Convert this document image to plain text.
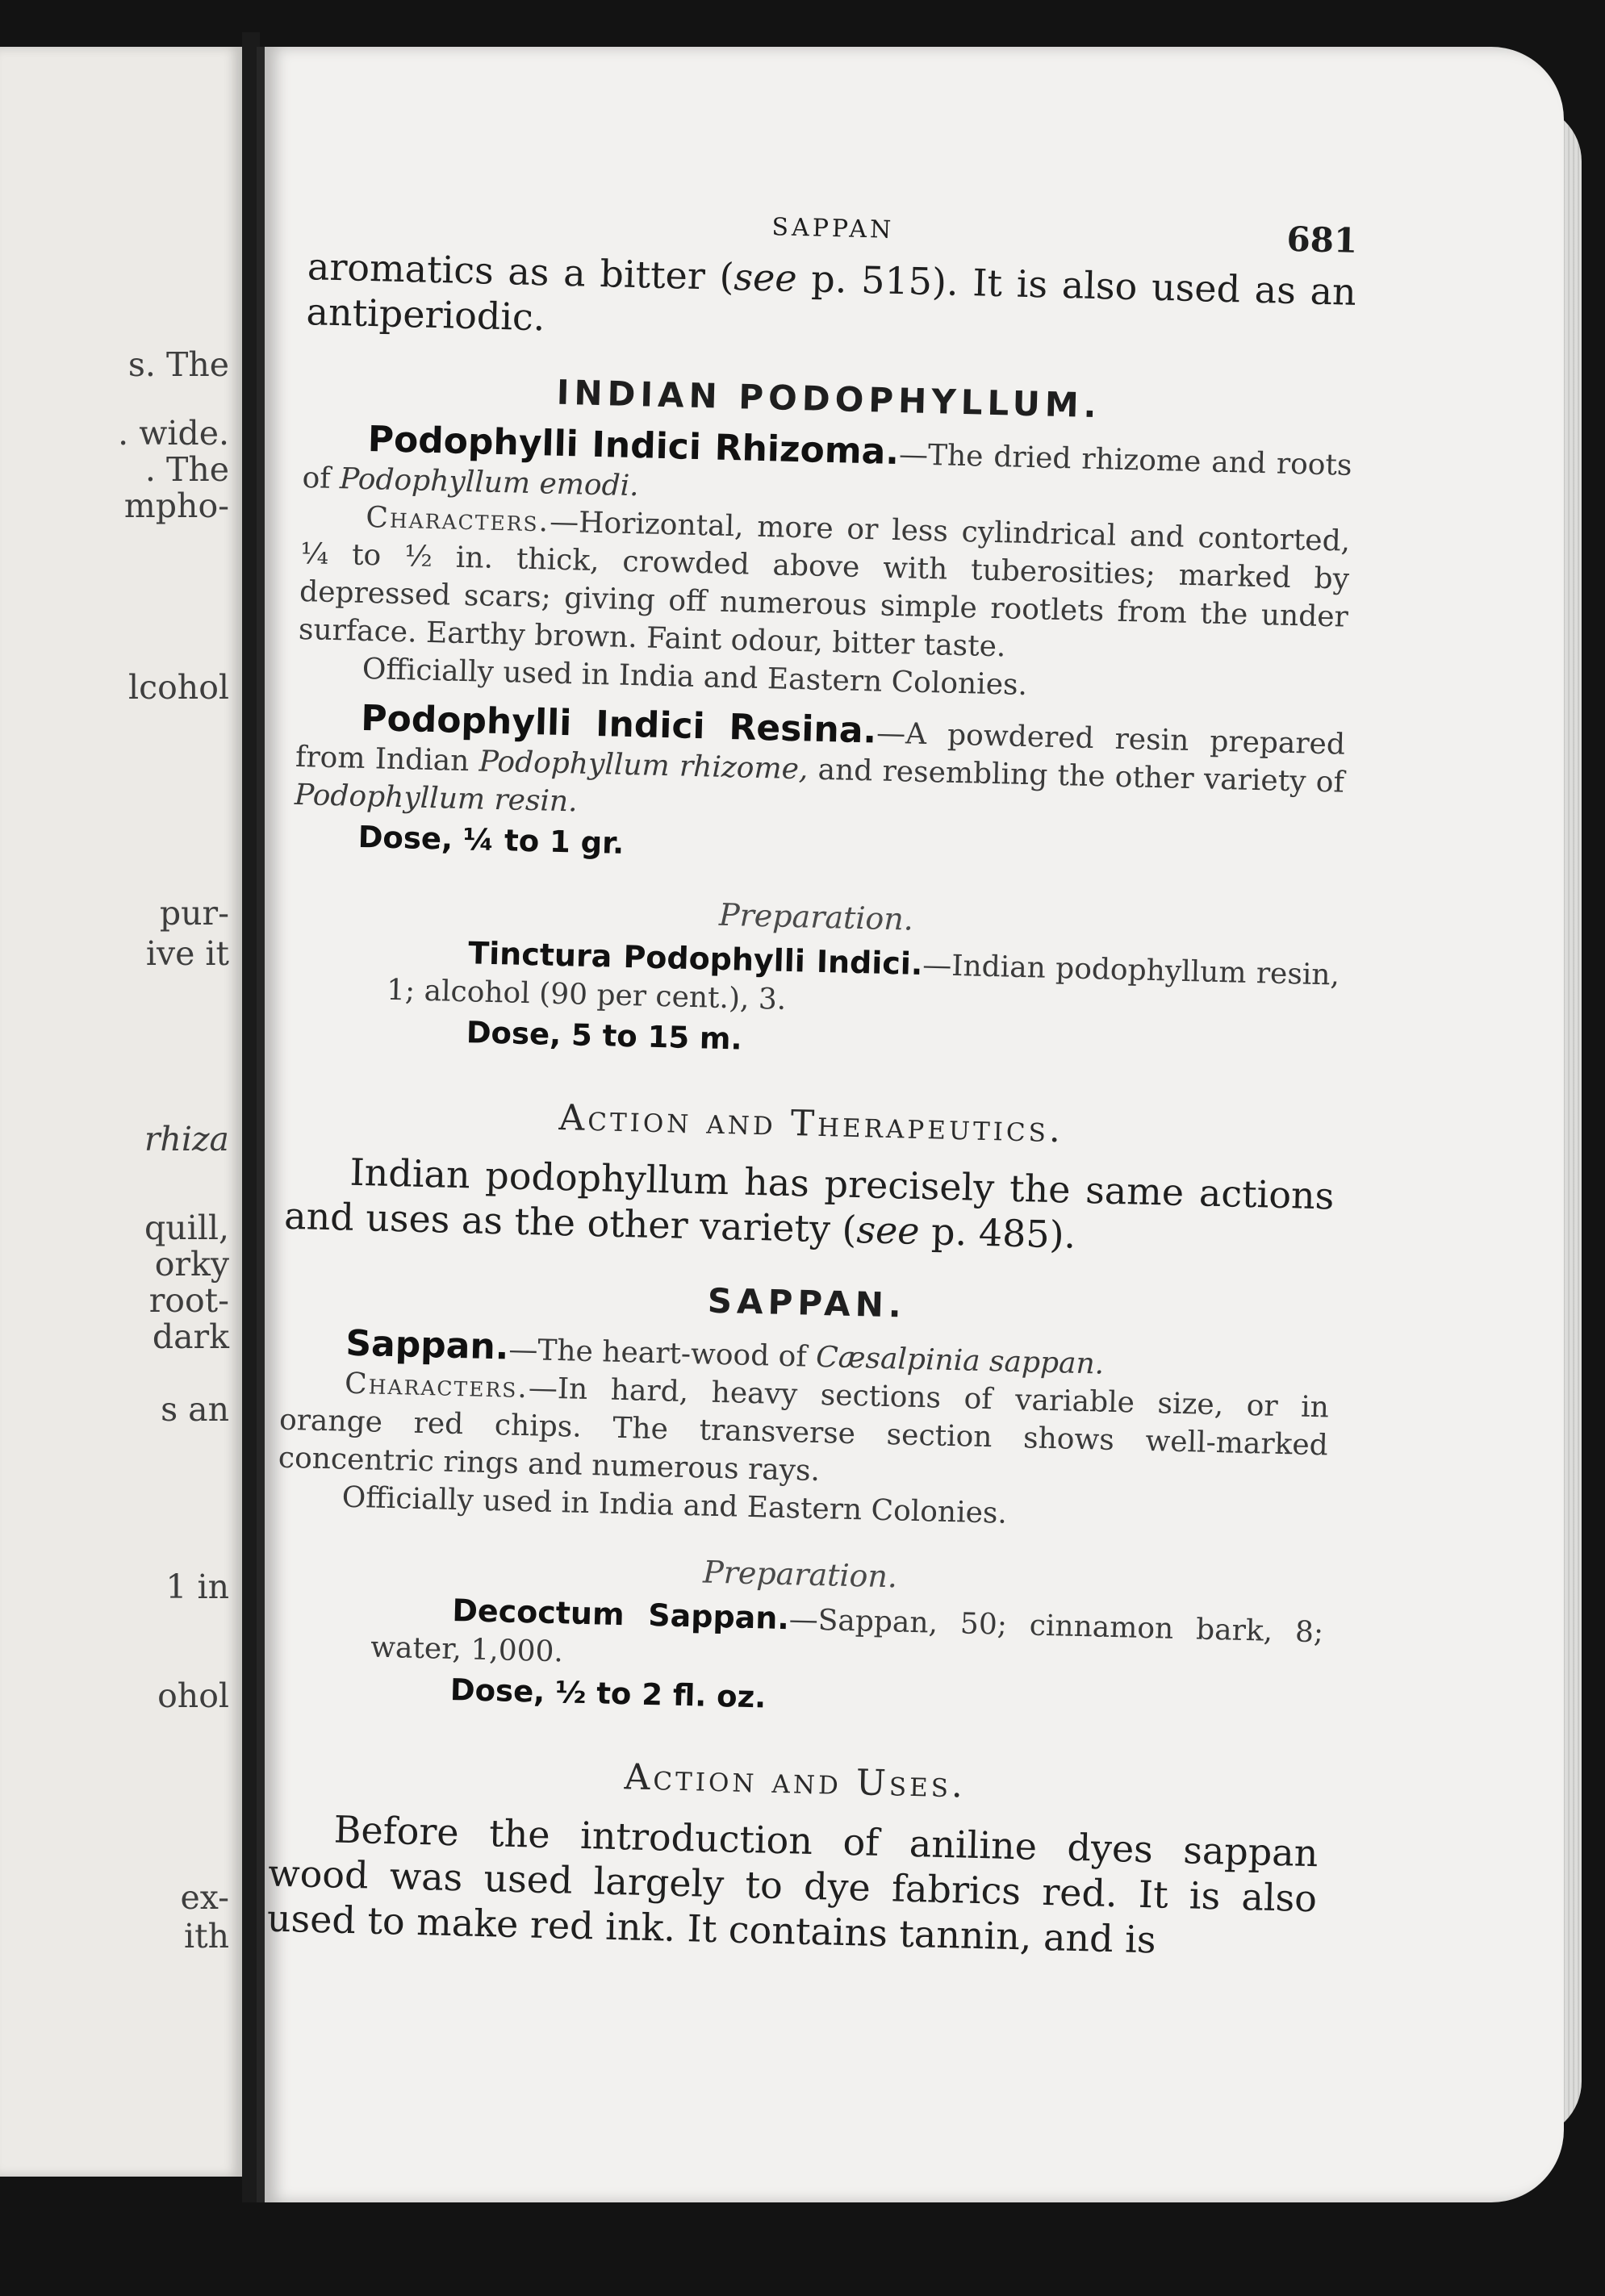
s. The
. wide.
. The
mpho-
lcohol
pur-
ive it
rhiza
quill,
orky
root-
dark
s an
1 in
ohol
ex-
ith
SAPPAN	681

aromatics as a bitter (see p. 515). It is also used as an antiperiodic.

INDIAN PODOPHYLLUM.

Podophylli Indici Rhizoma.—The dried rhizome and roots of Podophyllum emodi.

Characters.—Horizontal, more or less cylindrical and contorted, ¼ to ½ in. thick, crowded above with tuberosities; marked by depressed scars; giving off numerous simple rootlets from the under surface. Earthy brown. Faint odour, bitter taste.

Officially used in India and Eastern Colonies.

Podophylli Indici Resina.—A powdered resin prepared from Indian Podophyllum rhizome, and resembling the other variety of Podophyllum resin.

Dose, ¼ to 1 gr.
Preparation.

Tinctura Podophylli Indici.—Indian podophyllum resin, 1; alcohol (90 per cent.), 3.

Dose, 5 to 15 m.
Action and Therapeutics.

Indian podophyllum has precisely the same actions and uses as the other variety (see p. 485).

SAPPAN.

Sappan.—The heart-wood of Cæsalpinia sappan.

Characters.—In hard, heavy sections of variable size, or in orange red chips. The transverse section shows well-marked concentric rings and numerous rays.

Officially used in India and Eastern Colonies.

Preparation.

Decoctum Sappan.—Sappan, 50; cinnamon bark, 8; water, 1,000.

Dose, ½ to 2 fl. oz.
Action and Uses.

Before the introduction of aniline dyes sappan wood was used largely to dye fabrics red. It is also used to make red ink. It contains tannin, and is
